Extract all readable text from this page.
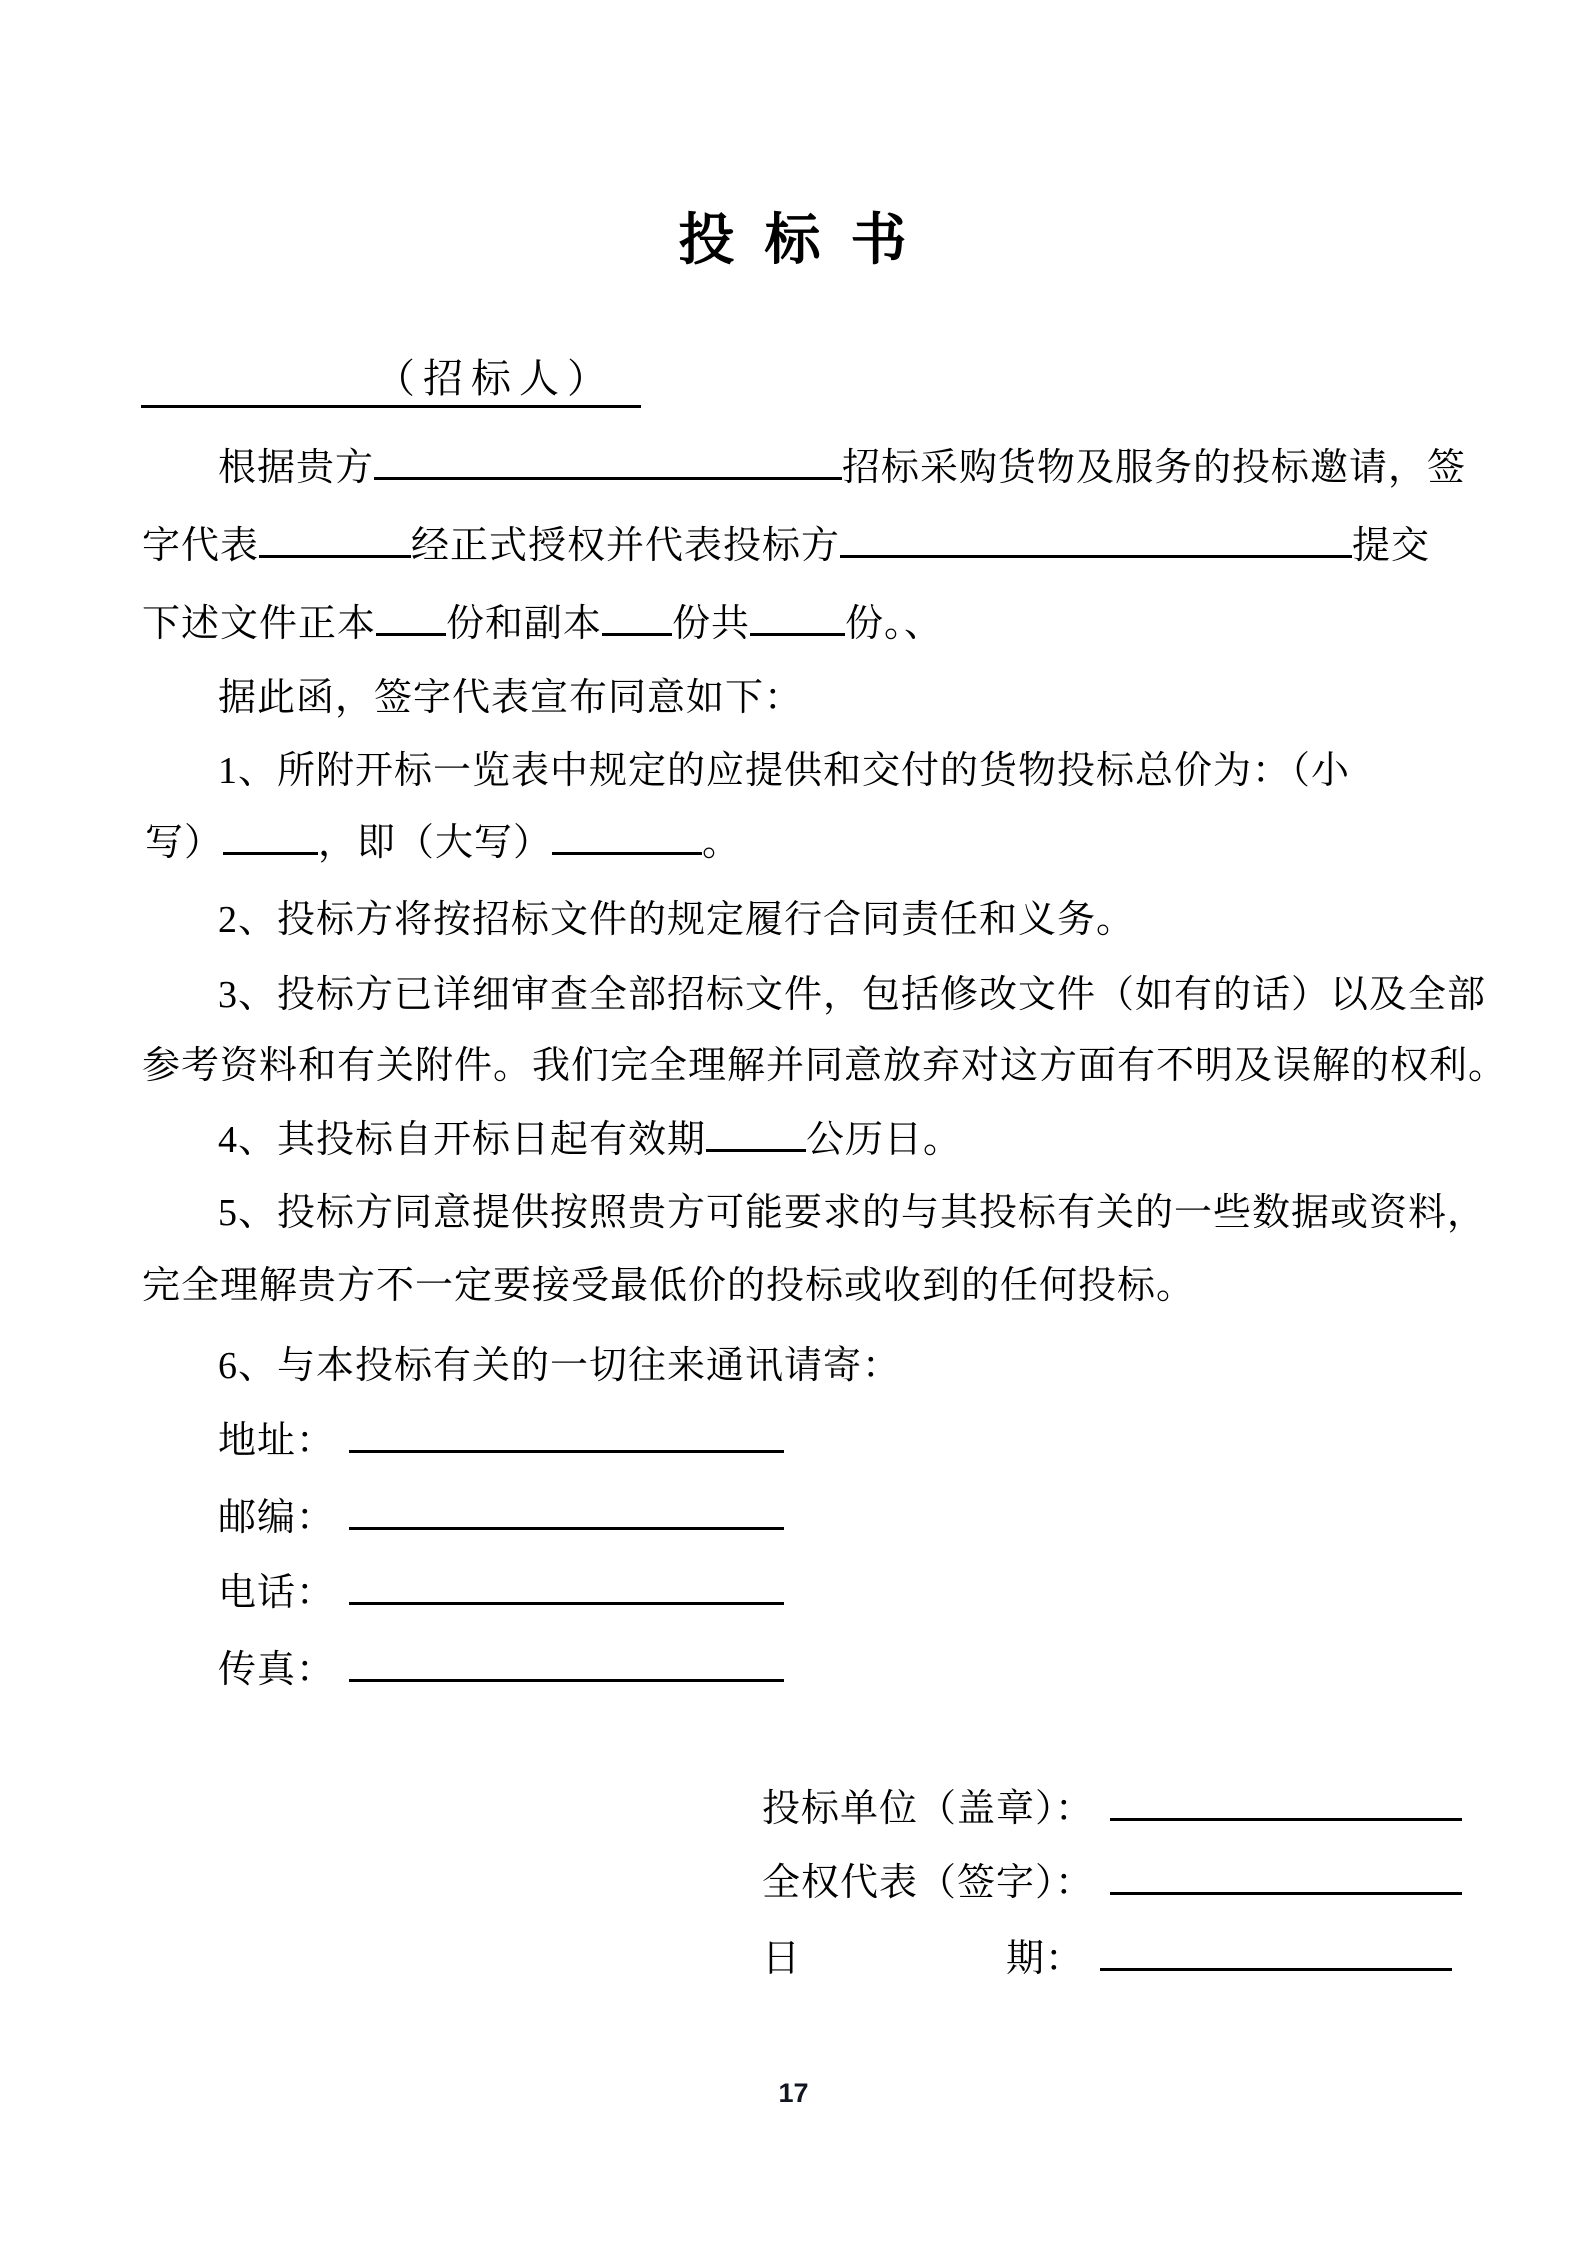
投 标 书
（招标人）
根据贵方	招标采购货物及服务的投标邀请，签
字代表	经正式授权并代表投标方	提交
下述文件正本 份和副本 份共	份。、
据此函，签字代表宣布同意如下：
1、所附开标一览表中规定的应提供和交付的货物投标总价为：（小
写）	，即（大写）	。
2、投标方将按招标文件的规定履行合同责任和义务。
3、投标方已详细审查全部招标文件，包括修改文件（如有的话）以及全部
参考资料和有关附件。我们完全理解并同意放弃对这方面有不明及误解的权利。
4、其投标自开标日起有效期	公历日。
5、投标方同意提供按照贵方可能要求的与其投标有关的一些数据或资料，
完全理解贵方不一定要接受最低价的投标或收到的任何投标。
6、与本投标有关的一切往来通讯请寄：
地址：
邮编：
电话：
传真：
投标单位（盖章）：
全权代表（签字）：
日	期：
17
